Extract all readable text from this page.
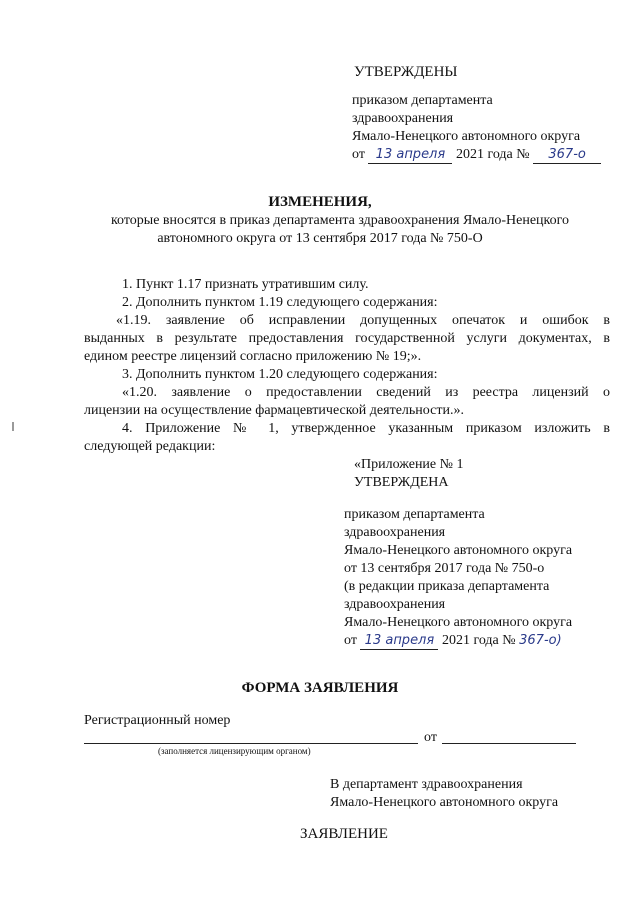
УТВЕРЖДЕНЫ
приказом департамента
здравоохранения
Ямало-Ненецкого автономного округа
от 13 апреля 2021 года № 367-о
ИЗМЕНЕНИЯ,
которые вносятся в приказ департамента здравоохранения Ямало-Ненецкого
автономного округа от 13 сентября 2017 года № 750-О
1. Пункт 1.17 признать утратившим силу.
2. Дополнить пунктом 1.19 следующего содержания:
«1.19. заявление об исправлении допущенных опечаток и ошибок в
выданных в результате предоставления государственной услуги документах, в
едином реестре лицензий согласно приложению № 19;».
3. Дополнить пунктом 1.20 следующего содержания:
«1.20. заявление о предоставлении сведений из реестра лицензий о
лицензии на осуществление фармацевтической деятельности.».
4. Приложение № 1, утвержденное указанным приказом изложить в
следующей редакции:
«Приложение № 1
УТВЕРЖДЕНА
приказом департамента
здравоохранения
Ямало-Ненецкого автономного округа
от 13 сентября 2017 года № 750-о
(в редакции приказа департамента
здравоохранения
Ямало-Ненецкого автономного округа
от 13 апреля 2021 года № 367-о)
ФОРМА ЗАЯВЛЕНИЯ
Регистрационный номер
от
(заполняется лицензирующим органом)
В департамент здравоохранения
Ямало-Ненецкого автономного округа
ЗАЯВЛЕНИЕ
